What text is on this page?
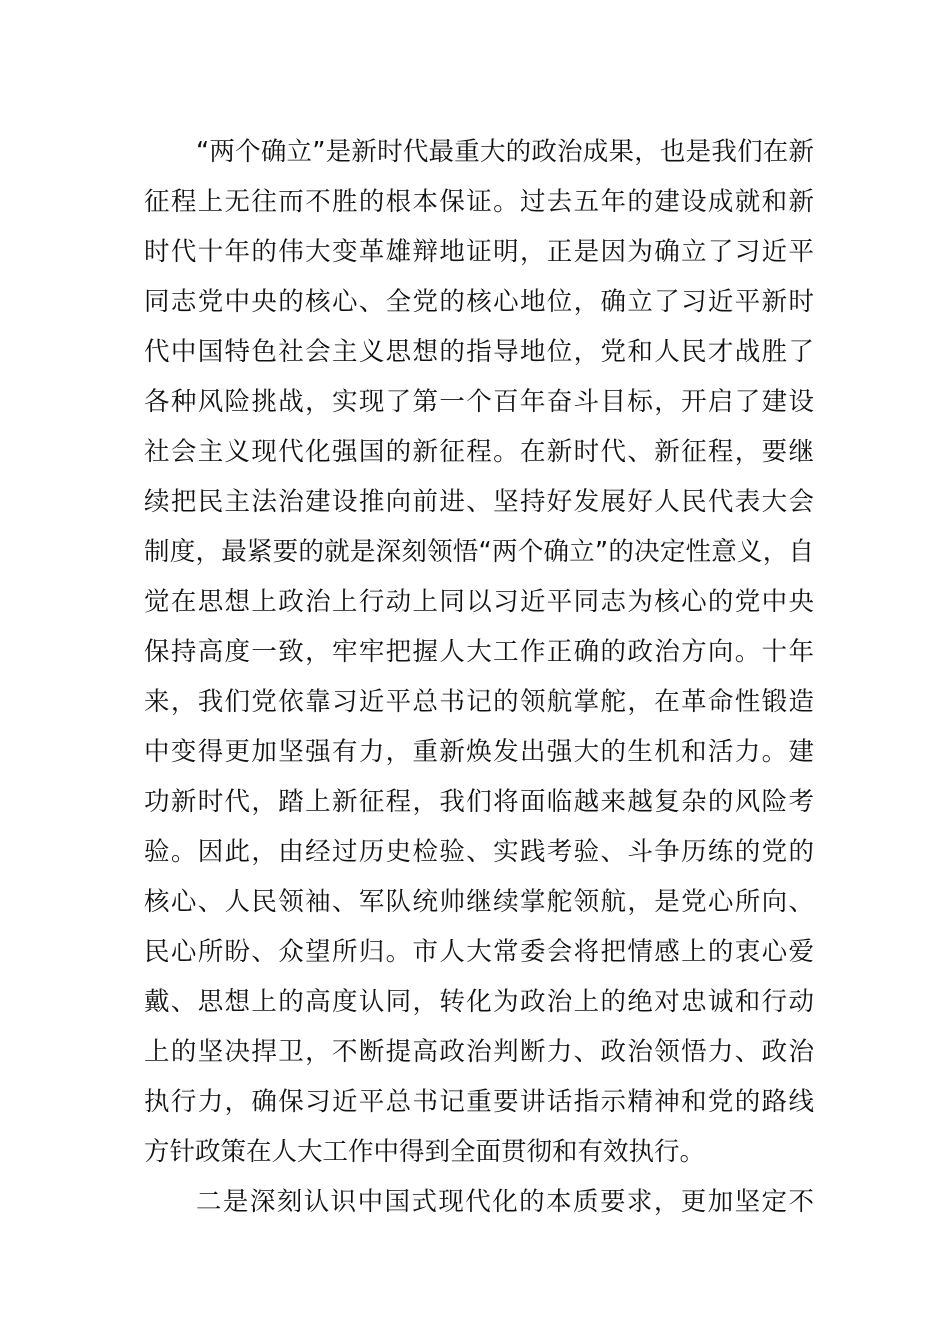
“两个确立”是新时代最重大的政治成果，也是我们在新
征程上无往而不胜的根本保证。过去五年的建设成就和新
时代十年的伟大变革雄辩地证明，正是因为确立了习近平
同志党中央的核心、全党的核心地位，确立了习近平新时
代中国特色社会主义思想的指导地位，党和人民才战胜了
各种风险挑战，实现了第一个百年奋斗目标，开启了建设
社会主义现代化强国的新征程。在新时代、新征程，要继
续把民主法治建设推向前进、坚持好发展好人民代表大会
制度，最紧要的就是深刻领悟“两个确立”的决定性意义，自
觉在思想上政治上行动上同以习近平同志为核心的党中央
保持高度一致，牢牢把握人大工作正确的政治方向。十年
来，我们党依靠习近平总书记的领航掌舵，在革命性锻造
中变得更加坚强有力，重新焕发出强大的生机和活力。建
功新时代，踏上新征程，我们将面临越来越复杂的风险考
验。因此，由经过历史检验、实践考验、斗争历练的党的
核心、人民领袖、军队统帅继续掌舵领航，是党心所向、
民心所盼、众望所归。市人大常委会将把情感上的衷心爱
戴、思想上的高度认同，转化为政治上的绝对忠诚和行动
上的坚决捍卫，不断提高政治判断力、政治领悟力、政治
执行力，确保习近平总书记重要讲话指示精神和党的路线
方针政策在人大工作中得到全面贯彻和有效执行。
二是深刻认识中国式现代化的本质要求，更加坚定不
